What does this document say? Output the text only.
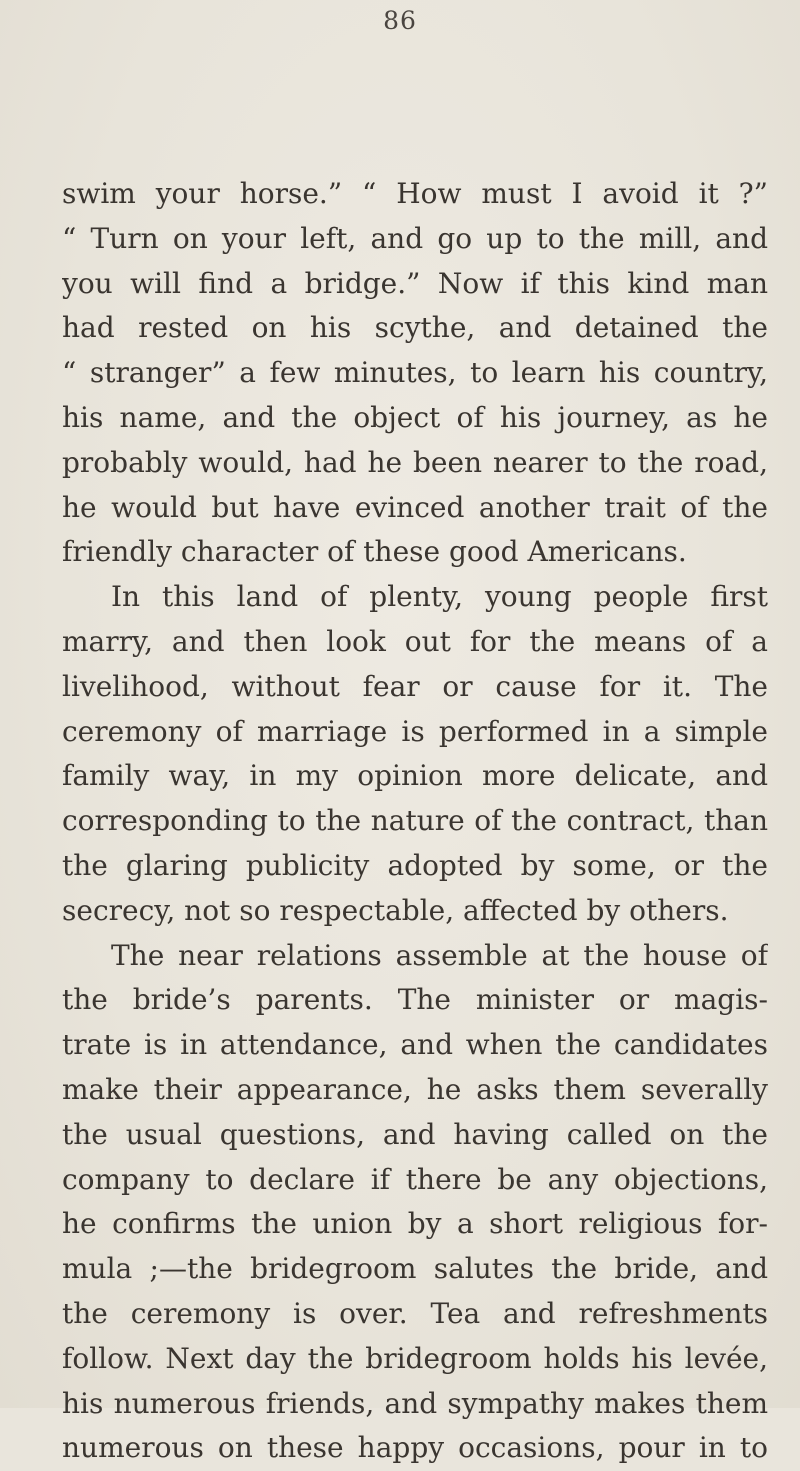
86
swim your horse.” “ How must I avoid it ?”
“ Turn on your left, and go up to the mill, and
you will find a bridge.” Now if this kind man
had rested on his scythe, and detained the
“ stranger” a few minutes, to learn his country,
his name, and the object of his journey, as he
probably would, had he been nearer to the road,
he would but have evinced another trait of the
friendly character of these good Americans.
In this land of plenty, young people first
marry, and then look out for the means of a
livelihood, without fear or cause for it. The
ceremony of marriage is performed in a simple
family way, in my opinion more delicate, and
corresponding to the nature of the contract, than
the glaring publicity adopted by some, or the
secrecy, not so respectable, affected by others.
The near relations assemble at the house of
the bride’s parents. The minister or magis-
trate is in attendance, and when the candidates
make their appearance, he asks them severally
the usual questions, and having called on the
company to declare if there be any objections,
he confirms the union by a short religious for-
mula ;—the bridegroom salutes the bride, and
the ceremony is over. Tea and refreshments
follow. Next day the bridegroom holds his levée,
his numerous friends, and sympathy makes them
numerous on these happy occasions, pour in to
